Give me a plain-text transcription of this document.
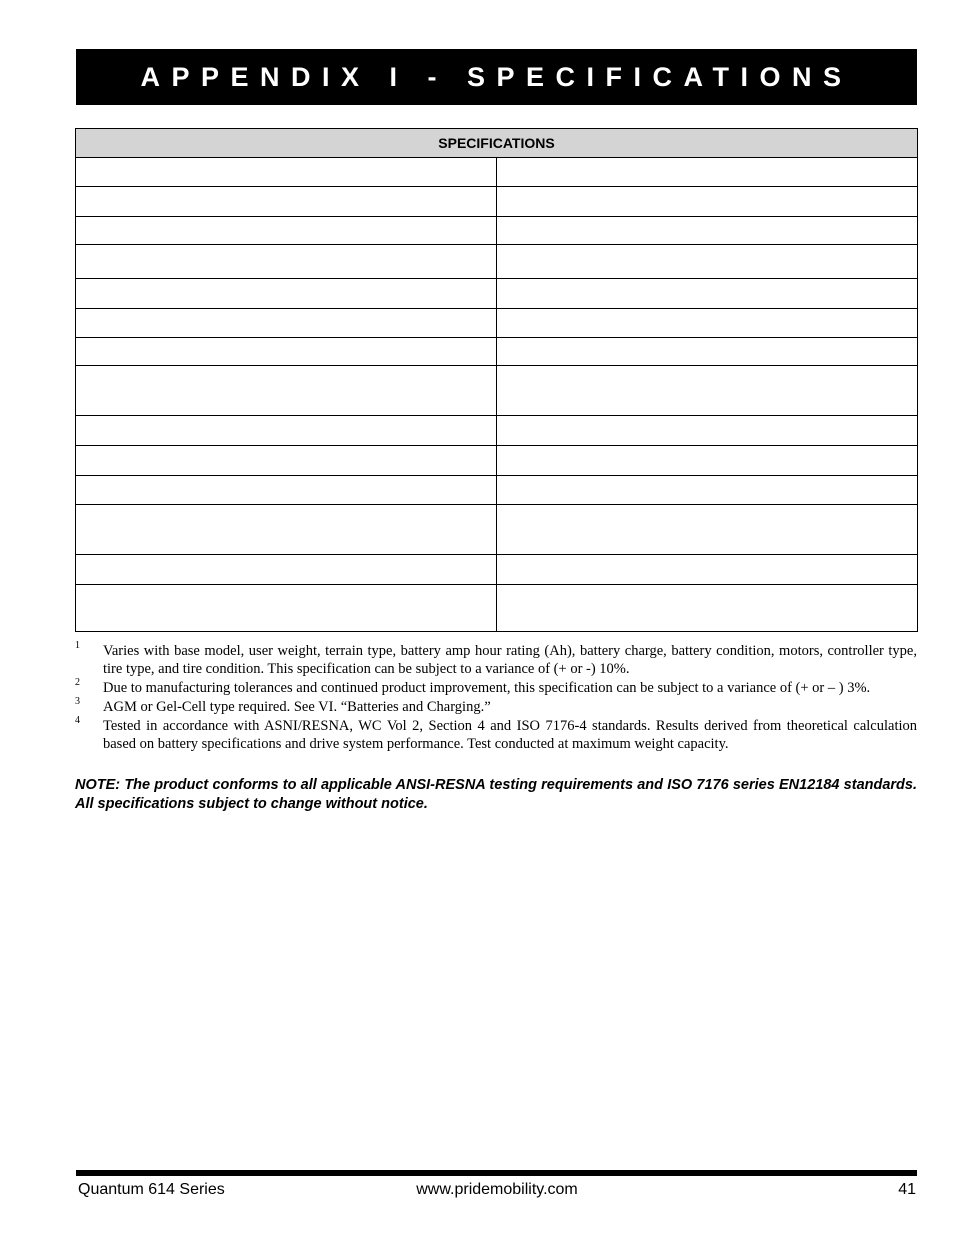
APPENDIX I - SPECIFICATIONS
SPECIFICATIONS	

1 Varies with base model, user weight, terrain type, battery amp hour rating (Ah), battery charge, battery condition, motors, controller type, tire type, and tire condition. This specification can be subject to a variance of (+ or -) 10%.
2 Due to manufacturing tolerances and continued product improvement, this specification can be subject to a variance of (+ or – ) 3%.
3 AGM or Gel-Cell type required. See VI. “Batteries and Charging.”
4 Tested in accordance with ASNI/RESNA, WC Vol 2, Section 4 and ISO 7176-4 standards. Results derived from theoretical calculation based on battery specifications and drive system performance. Test conducted at maximum weight capacity.
NOTE: The product conforms to all applicable ANSI-RESNA testing requirements and ISO 7176 series EN12184 standards. All specifications subject to change without notice.
Quantum 614 Series	www.pridemobility.com	41
